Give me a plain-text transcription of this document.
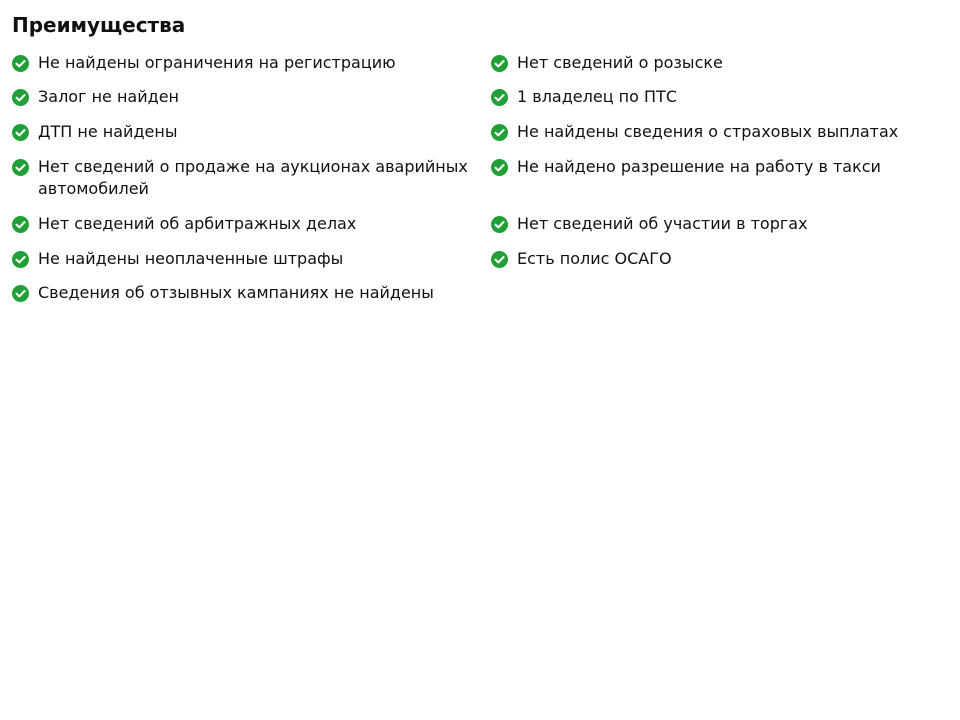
Преимущества
Не найдены ограничения на регистрацию
Залог не найден
ДТП не найдены
Нет сведений о продаже на аукционах аварийных автомобилей
Нет сведений об арбитражных делах
Не найдены неоплаченные штрафы
Сведения об отзывных кампаниях не найдены
Нет сведений о розыске
1 владелец по ПТС
Не найдены сведения о страховых выплатах
Не найдено разрешение на работу в такси
Нет сведений об участии в торгах
Есть полис ОСАГО
